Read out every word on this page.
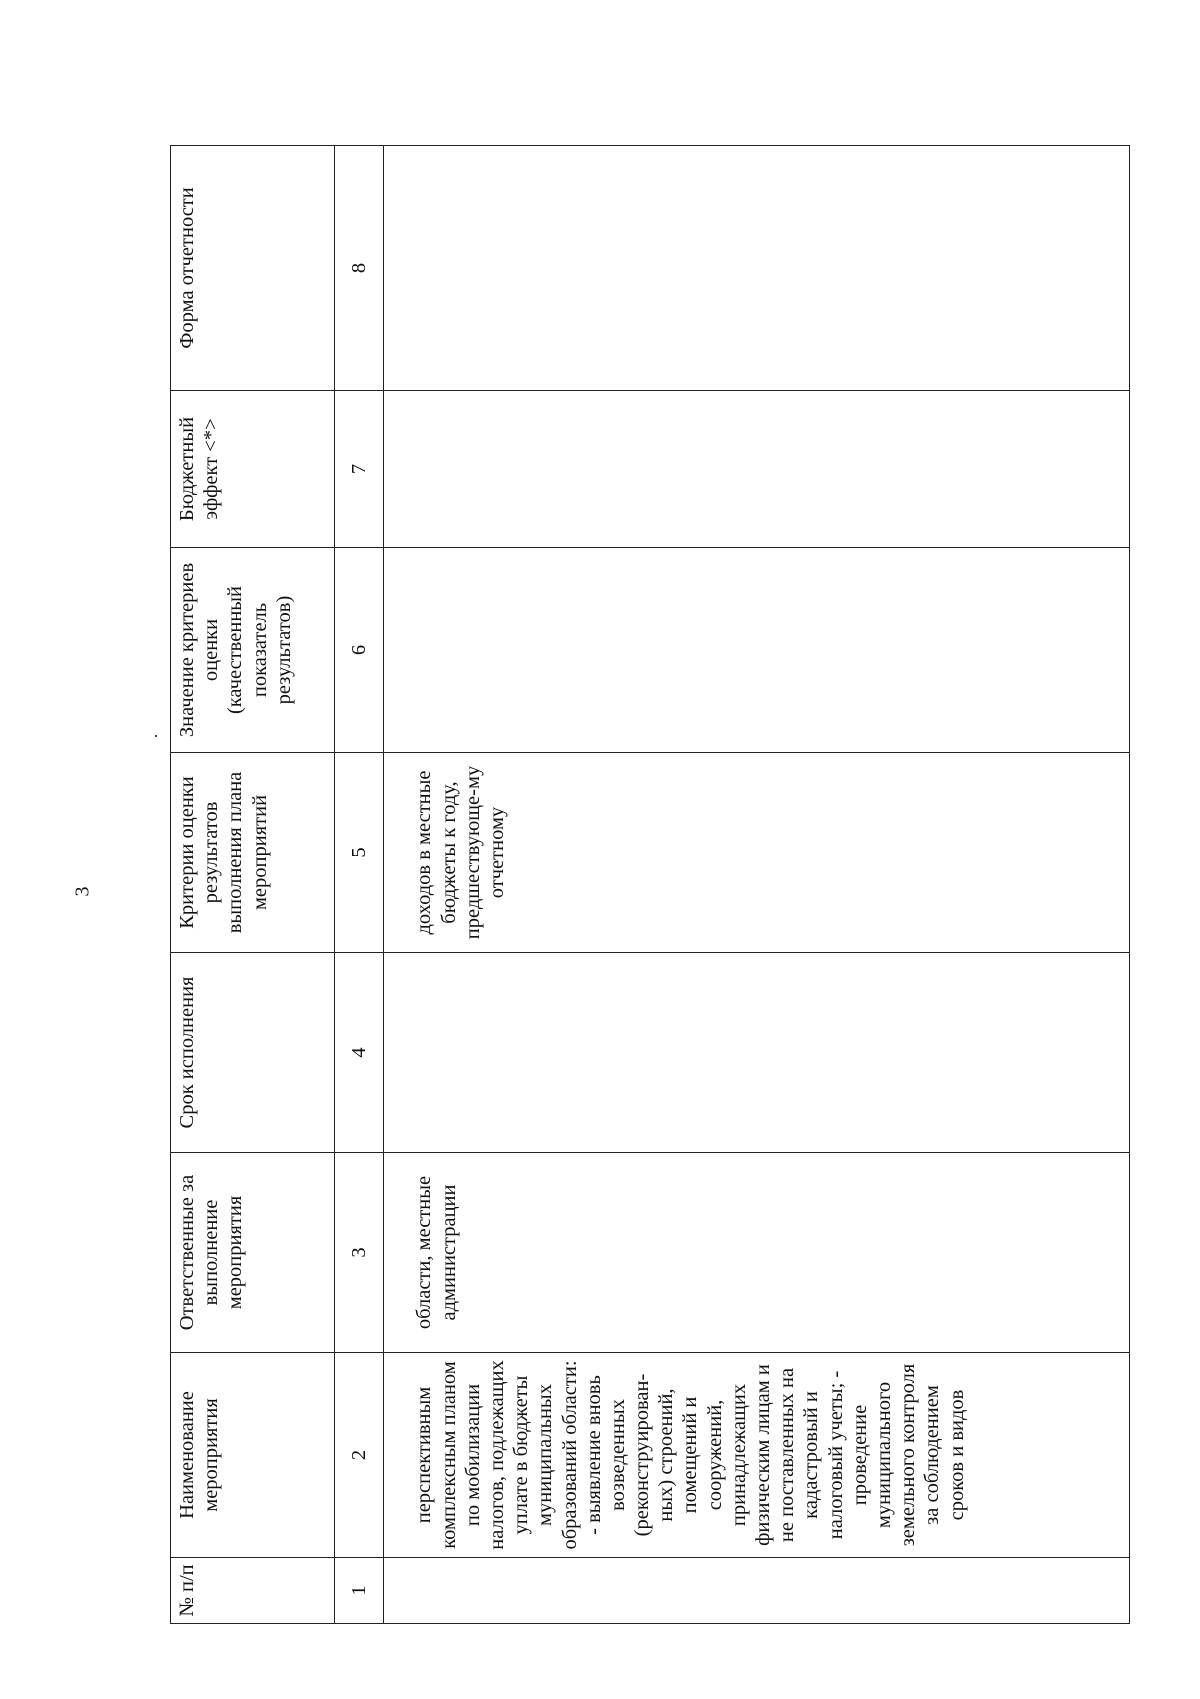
3
№ п/п	Наименование мероприятия	Ответственные за выполнение мероприятия	Срок исполнения	Критерии оценки результатов выполнения плана мероприятий	Значение критериев оценки (качественный показатель результатов)	Бюджетный эффект <*>	Форма отчетности
1	2	3	4	5	6	7	8

	перспективным комплексным планом по мобилизации налогов, подлежащих уплате в бюджеты муниципальных образований области: - выявление вновь возведенных (реконструирован-ных) строений, помещений и сооружений, принадлежащих физическим лицам и не поставленных на кадастровый и налоговый учеты; - проведение муниципального земельного контроля за соблюдением сроков и видов	области, местные администрации		доходов в местные бюджеты к году, предшествующе-му отчетному			
